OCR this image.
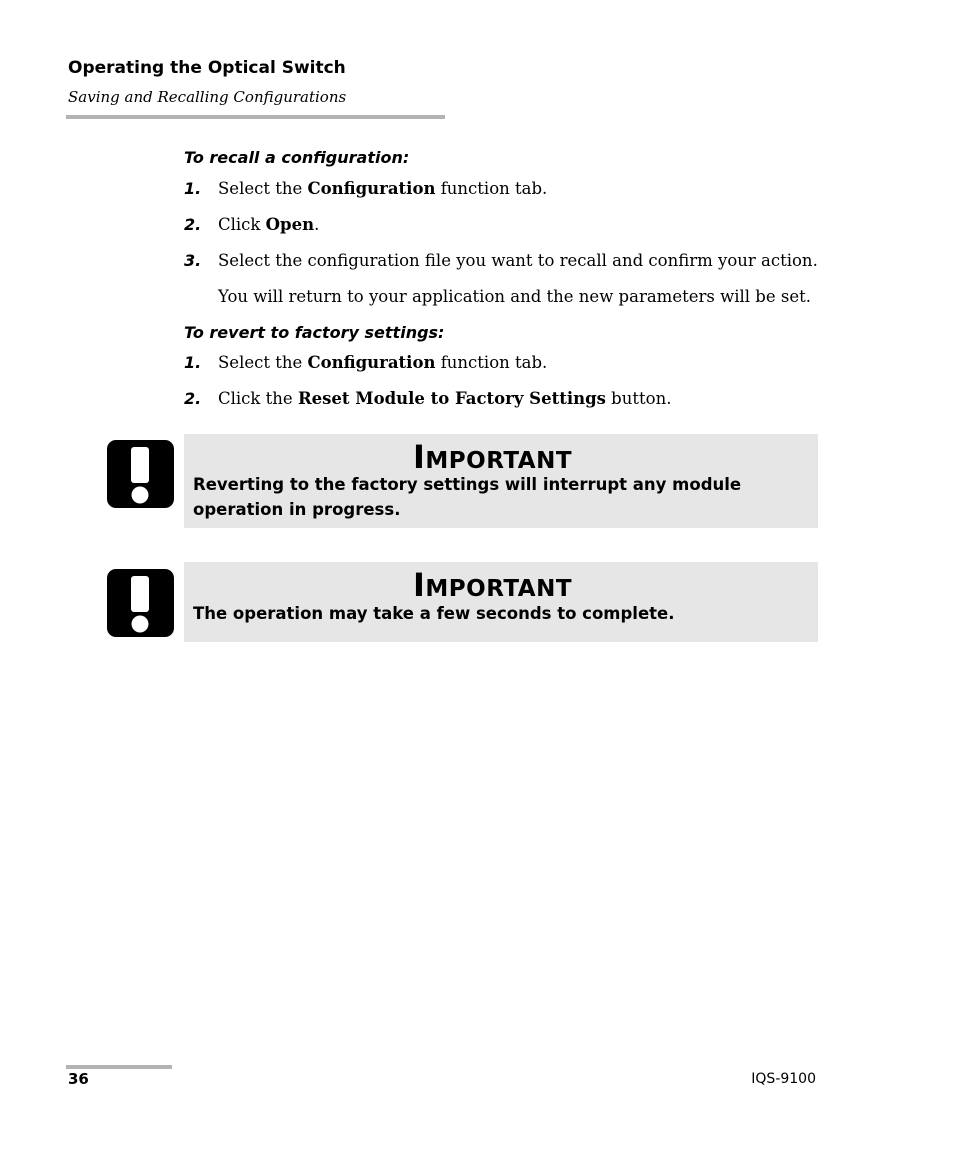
Operating the Optical Switch
Saving and Recalling Configurations
To recall a configuration:
1. Select the Configuration function tab.
2. Click Open.
3. Select the configuration file you want to recall and confirm your action.
You will return to your application and the new parameters will be set.
To revert to factory settings:
1. Select the Configuration function tab.
2. Click the Reset Module to Factory Settings button.
IMPORTANT
Reverting to the factory settings will interrupt any module operation in progress.
IMPORTANT
The operation may take a few seconds to complete.
36	IQS-9100
